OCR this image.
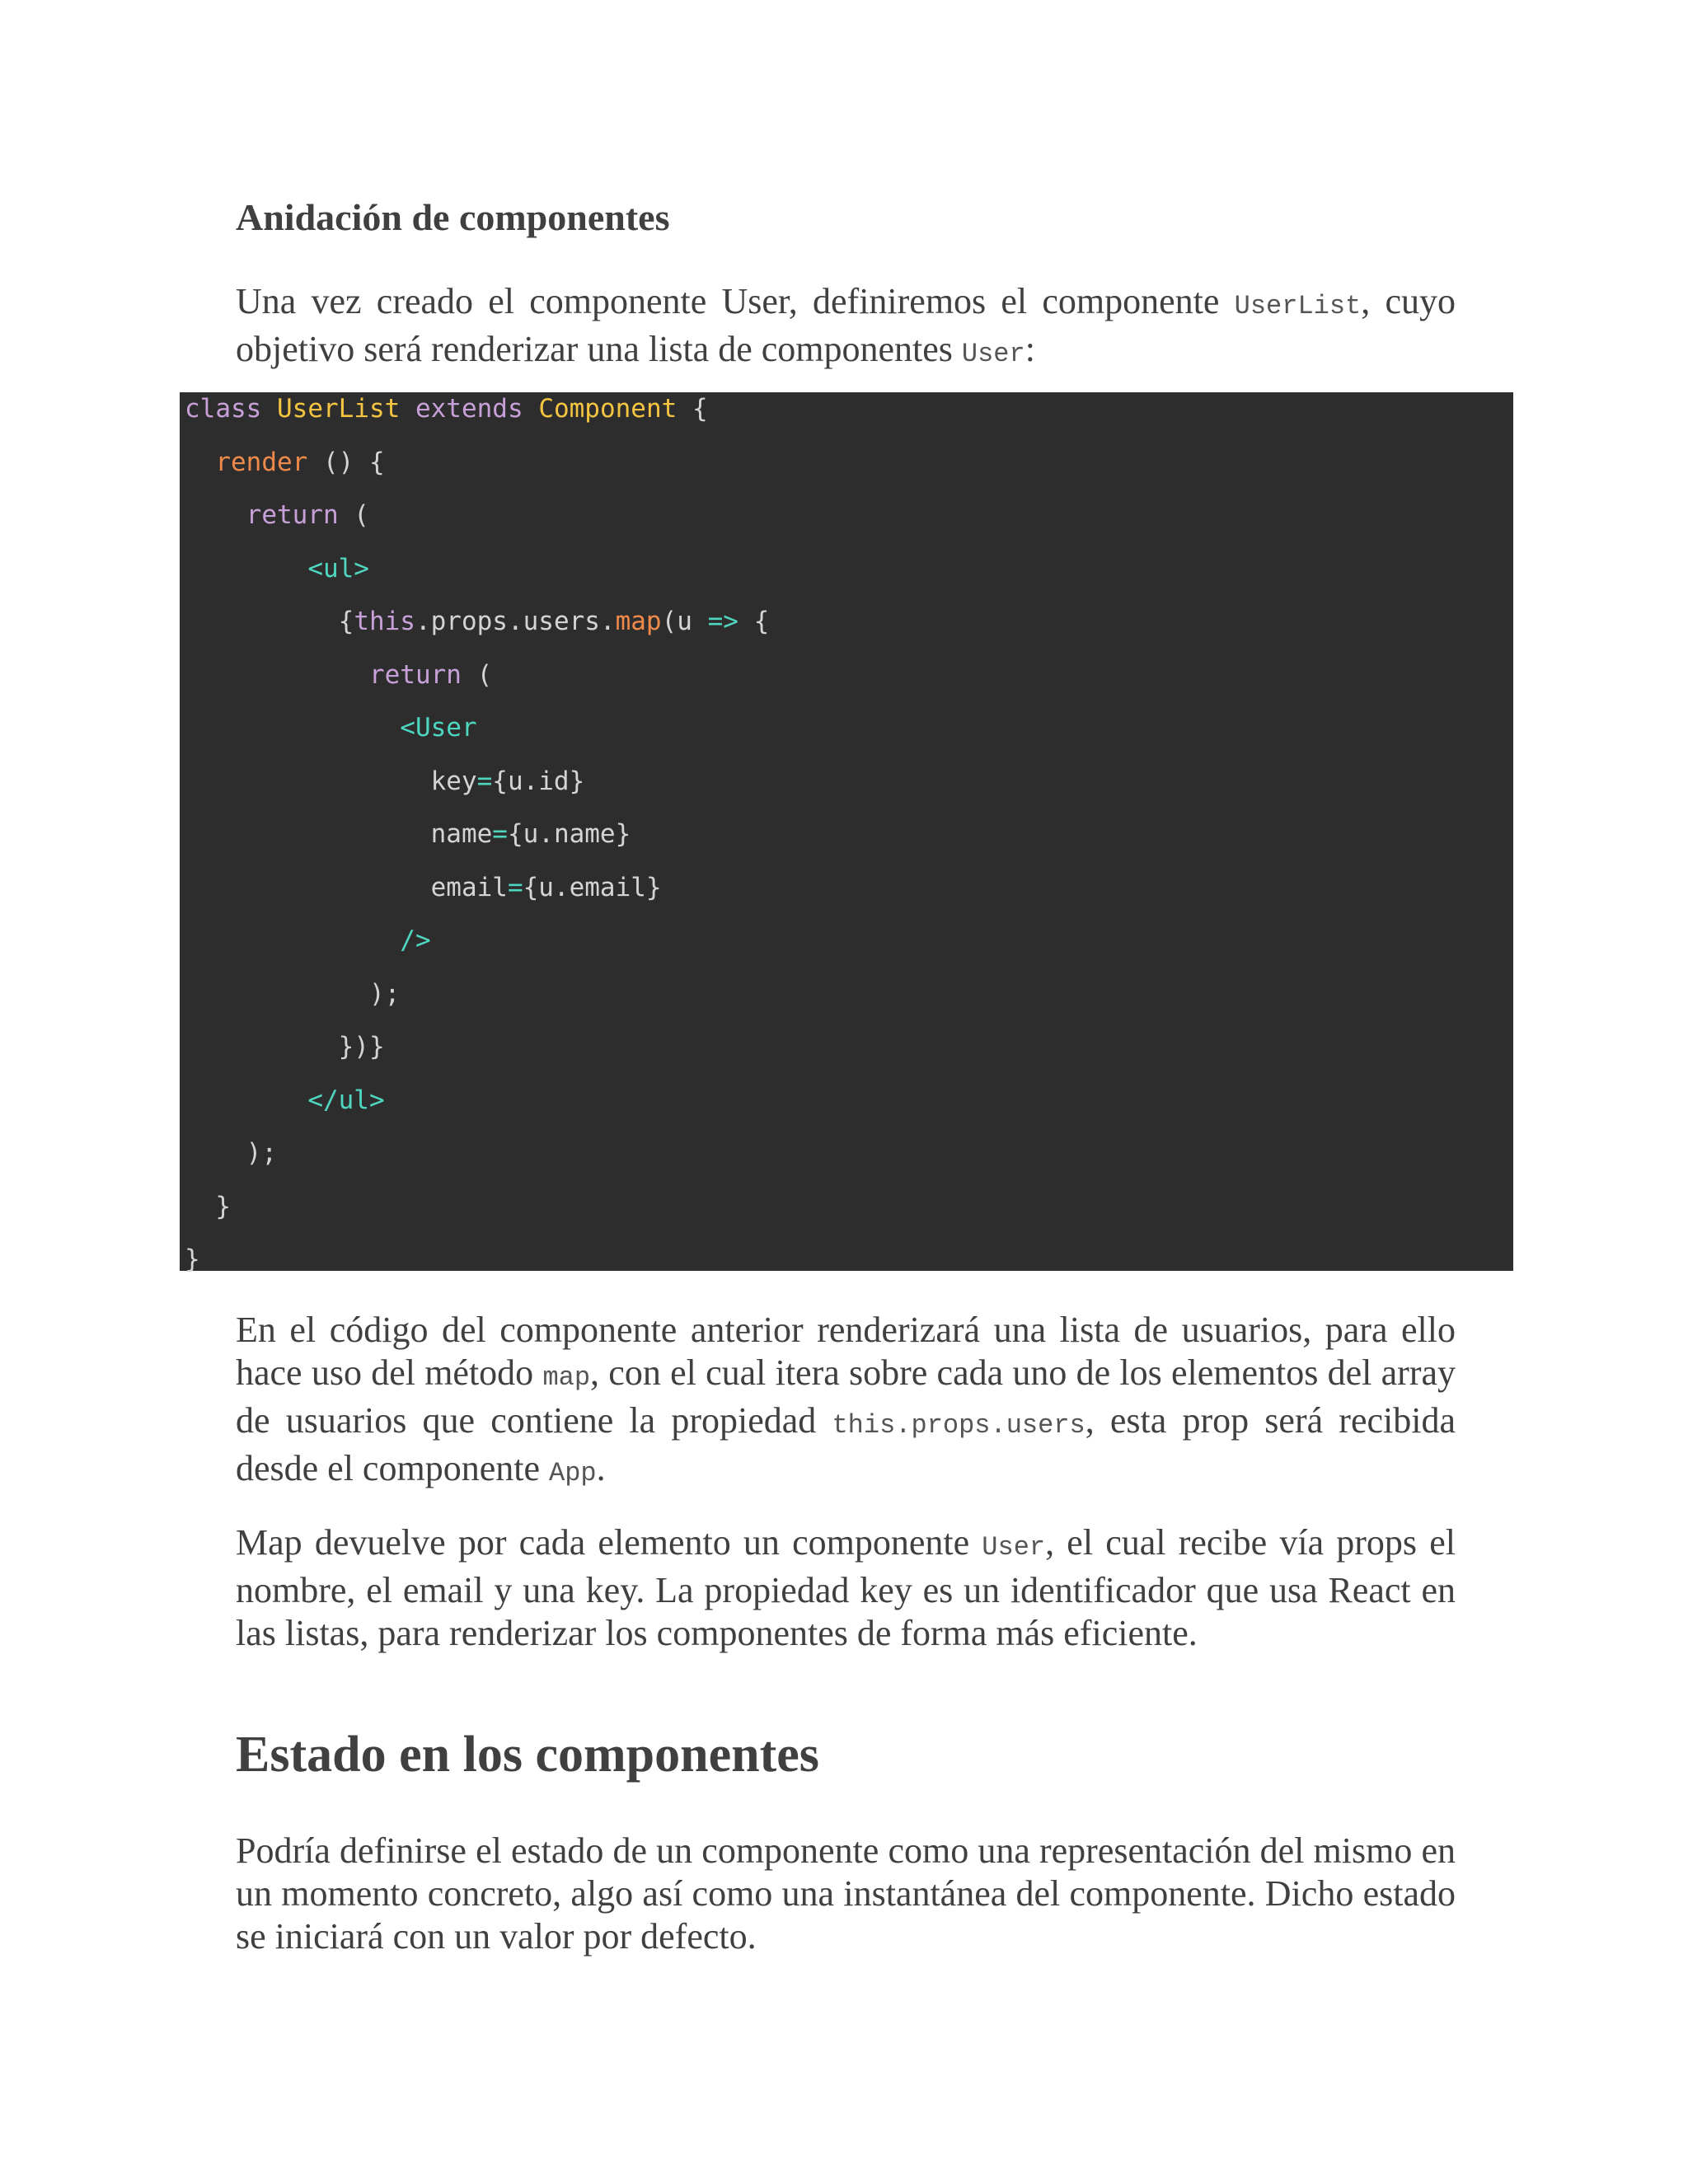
Anidación de componentes

Una vez creado el componente User, definiremos el componente UserList, cuyo objetivo será renderizar una lista de componentes User:

class UserList extends Component {
render () {
return (
<ul>
{this.props.users.map(u => {
return (
<User
key={u.id}
name={u.name}
email={u.email}
/>
);
})}
</ul>
);
}
}

En el código del componente anterior renderizará una lista de usuarios, para ello hace uso del método map, con el cual itera sobre cada uno de los elementos del array de usuarios que contiene la propiedad this.props.users, esta prop será recibida desde el componente App.

Map devuelve por cada elemento un componente User, el cual recibe vía props el nombre, el email y una key. La propiedad key es un identificador que usa React en las listas, para renderizar los componentes de forma más eficiente.

Estado en los componentes

Podría definirse el estado de un componente como una representación del mismo en un momento concreto, algo así como una instantánea del componente. Dicho estado se iniciará con un valor por defecto.
